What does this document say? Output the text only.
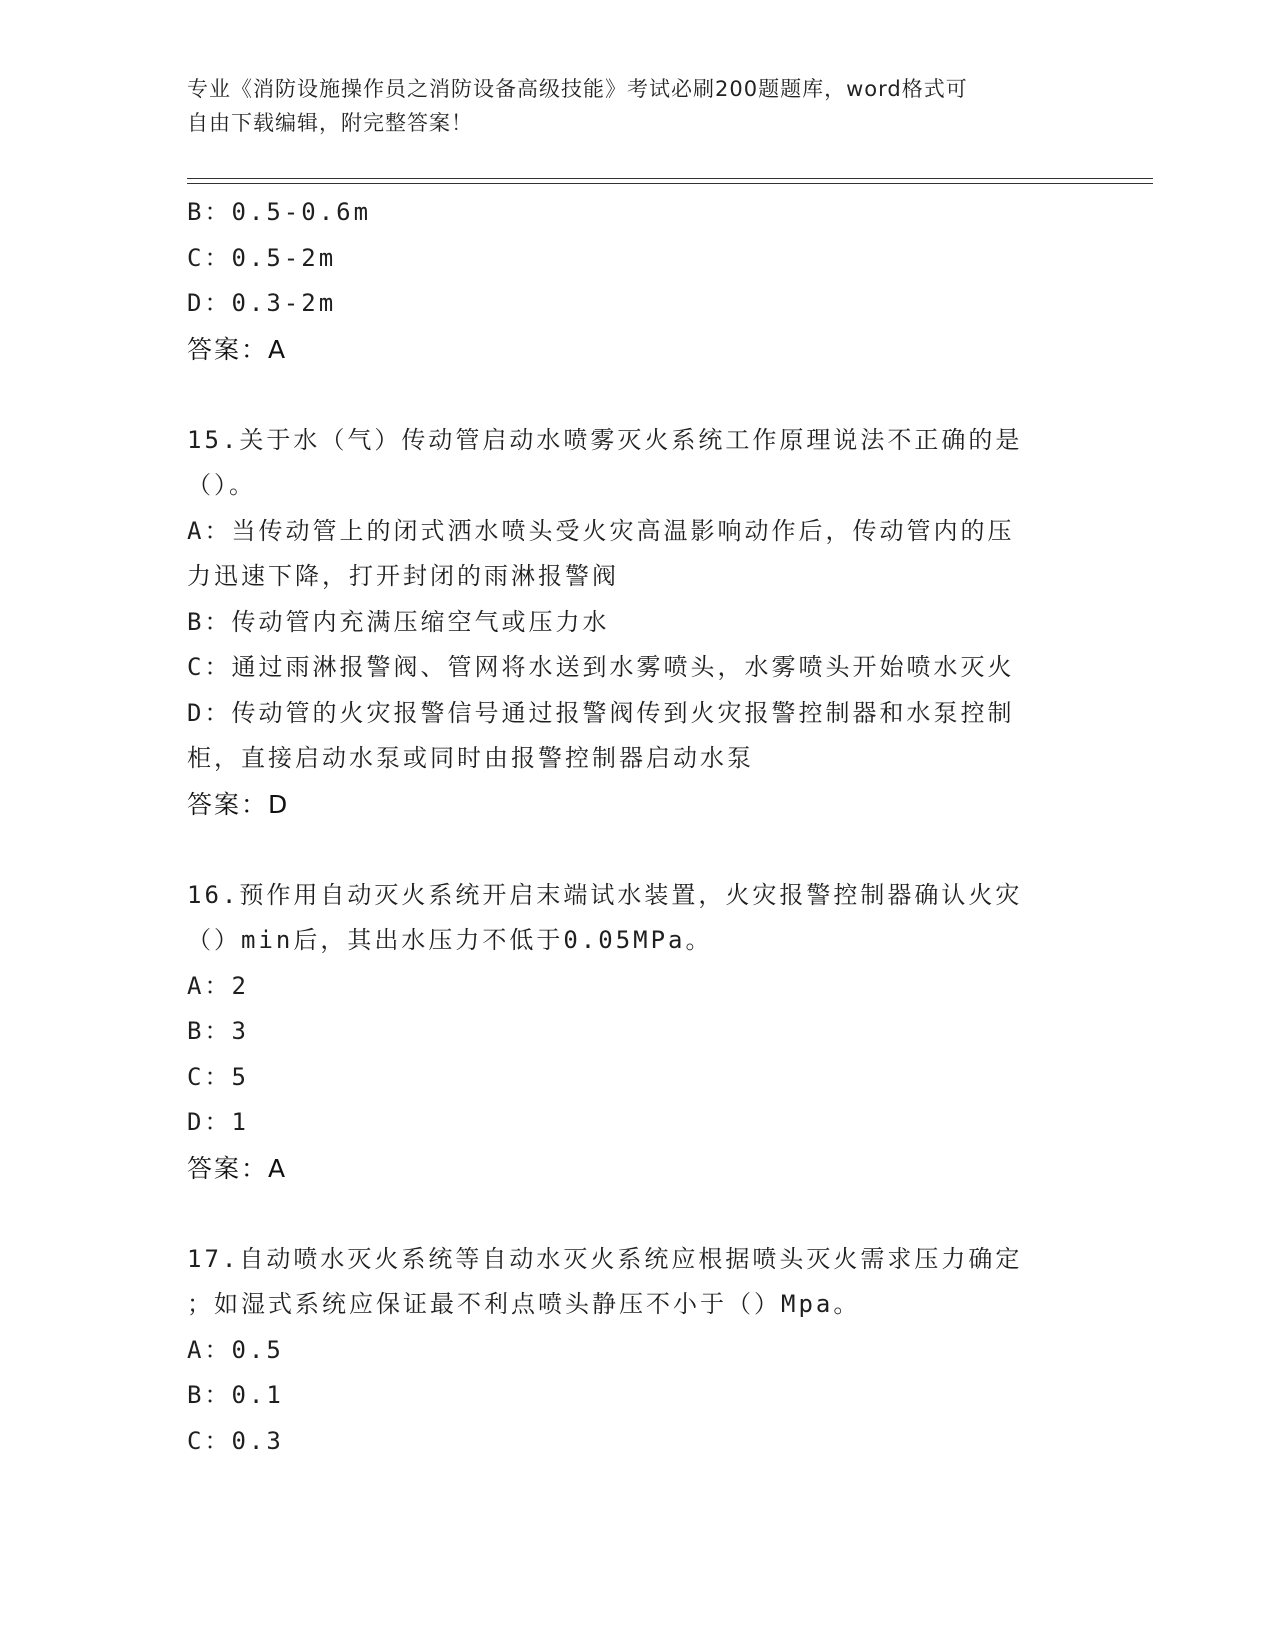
专业《消防设施操作员之消防设备高级技能》考试必刷200题题库，word格式可
自由下载编辑，附完整答案！
B：0.5-0.6m
C：0.5-2m
D：0.3-2m
答案：A
15.关于水（气）传动管启动水喷雾灭火系统工作原理说法不正确的是
（）。
A：当传动管上的闭式洒水喷头受火灾高温影响动作后，传动管内的压
力迅速下降，打开封闭的雨淋报警阀
B：传动管内充满压缩空气或压力水
C：通过雨淋报警阀、管网将水送到水雾喷头，水雾喷头开始喷水灭火
D：传动管的火灾报警信号通过报警阀传到火灾报警控制器和水泵控制
柜，直接启动水泵或同时由报警控制器启动水泵
答案：D
16.预作用自动灭火系统开启末端试水装置，火灾报警控制器确认火灾
（）min后，其出水压力不低于0.05MPa。
A：2
B：3
C：5
D：1
答案：A
17.自动喷水灭火系统等自动水灭火系统应根据喷头灭火需求压力确定
；如湿式系统应保证最不利点喷头静压不小于（）Mpa。
A：0.5
B：0.1
C：0.3
